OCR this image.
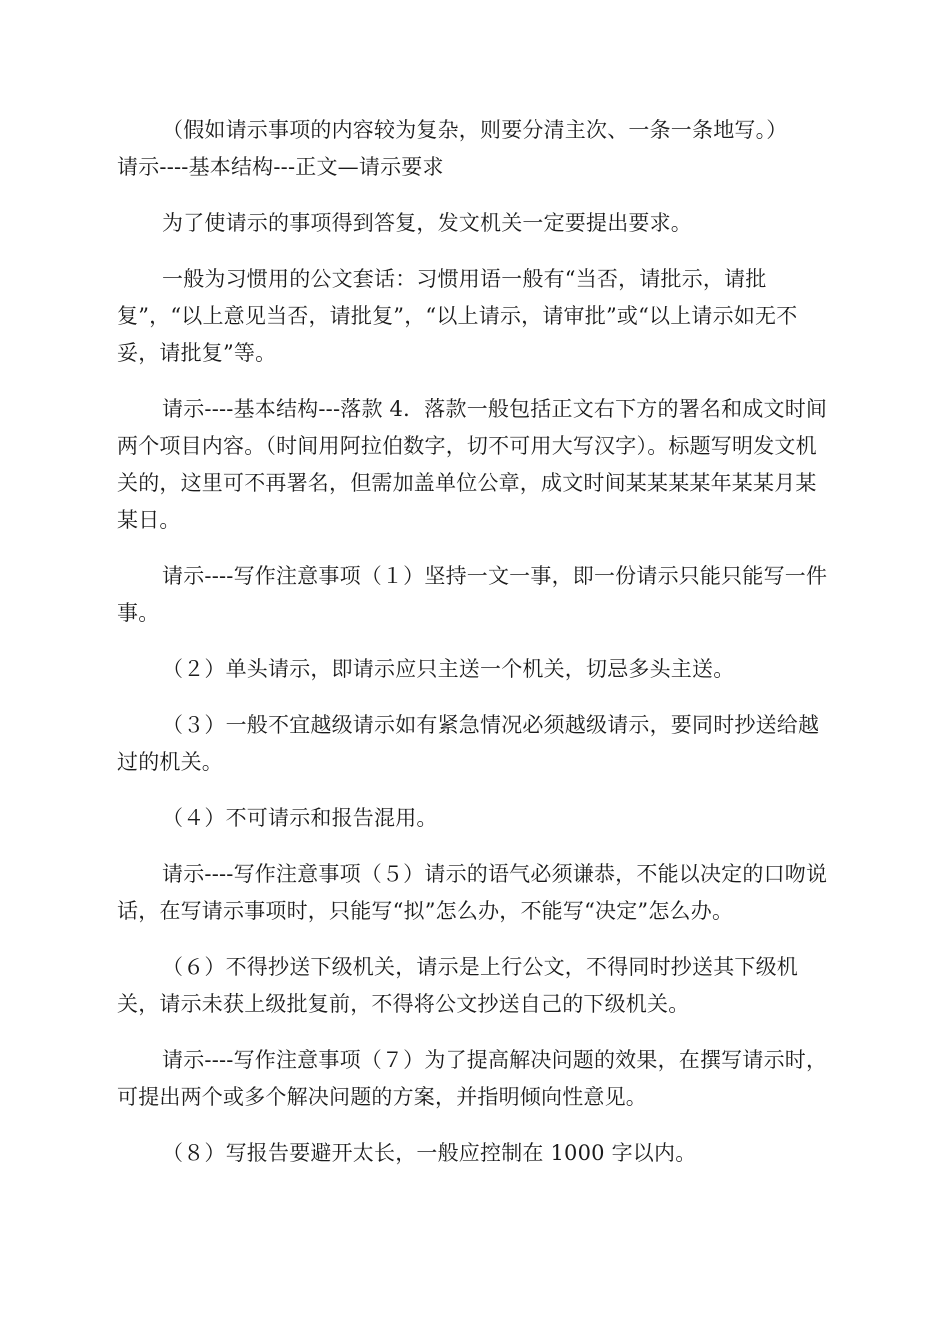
（假如请示事项的内容较为复杂，则要分清主次、一条一条地写。）

请示----基本结构---正文—请示要求

为了使请示的事项得到答复，发文机关一定要提出要求。

一般为习惯用的公文套话：习惯用语一般有“当否，请批示，请批复”，“以上意见当否，请批复”，“以上请示，请审批”或“以上请示如无不妥，请批复”等。

请示----基本结构---落款 4．落款一般包括正文右下方的署名和成文时间两个项目内容。（时间用阿拉伯数字，切不可用大写汉字）。标题写明发文机关的，这里可不再署名，但需加盖单位公章，成文时间某某某某年某某月某某日。

请示----写作注意事项（１）坚持一文一事，即一份请示只能只能写一件事。

（２）单头请示，即请示应只主送一个机关，切忌多头主送。

（３）一般不宜越级请示如有紧急情况必须越级请示，要同时抄送给越过的机关。

（４）不可请示和报告混用。

请示----写作注意事项（５）请示的语气必须谦恭，不能以决定的口吻说话，在写请示事项时，只能写“拟”怎么办，不能写“决定”怎么办。

（６）不得抄送下级机关，请示是上行公文，不得同时抄送其下级机关，请示未获上级批复前，不得将公文抄送自己的下级机关。

请示----写作注意事项（７）为了提高解决问题的效果，在撰写请示时，可提出两个或多个解决问题的方案，并指明倾向性意见。

（８）写报告要避开太长，一般应控制在 1000 字以内。
